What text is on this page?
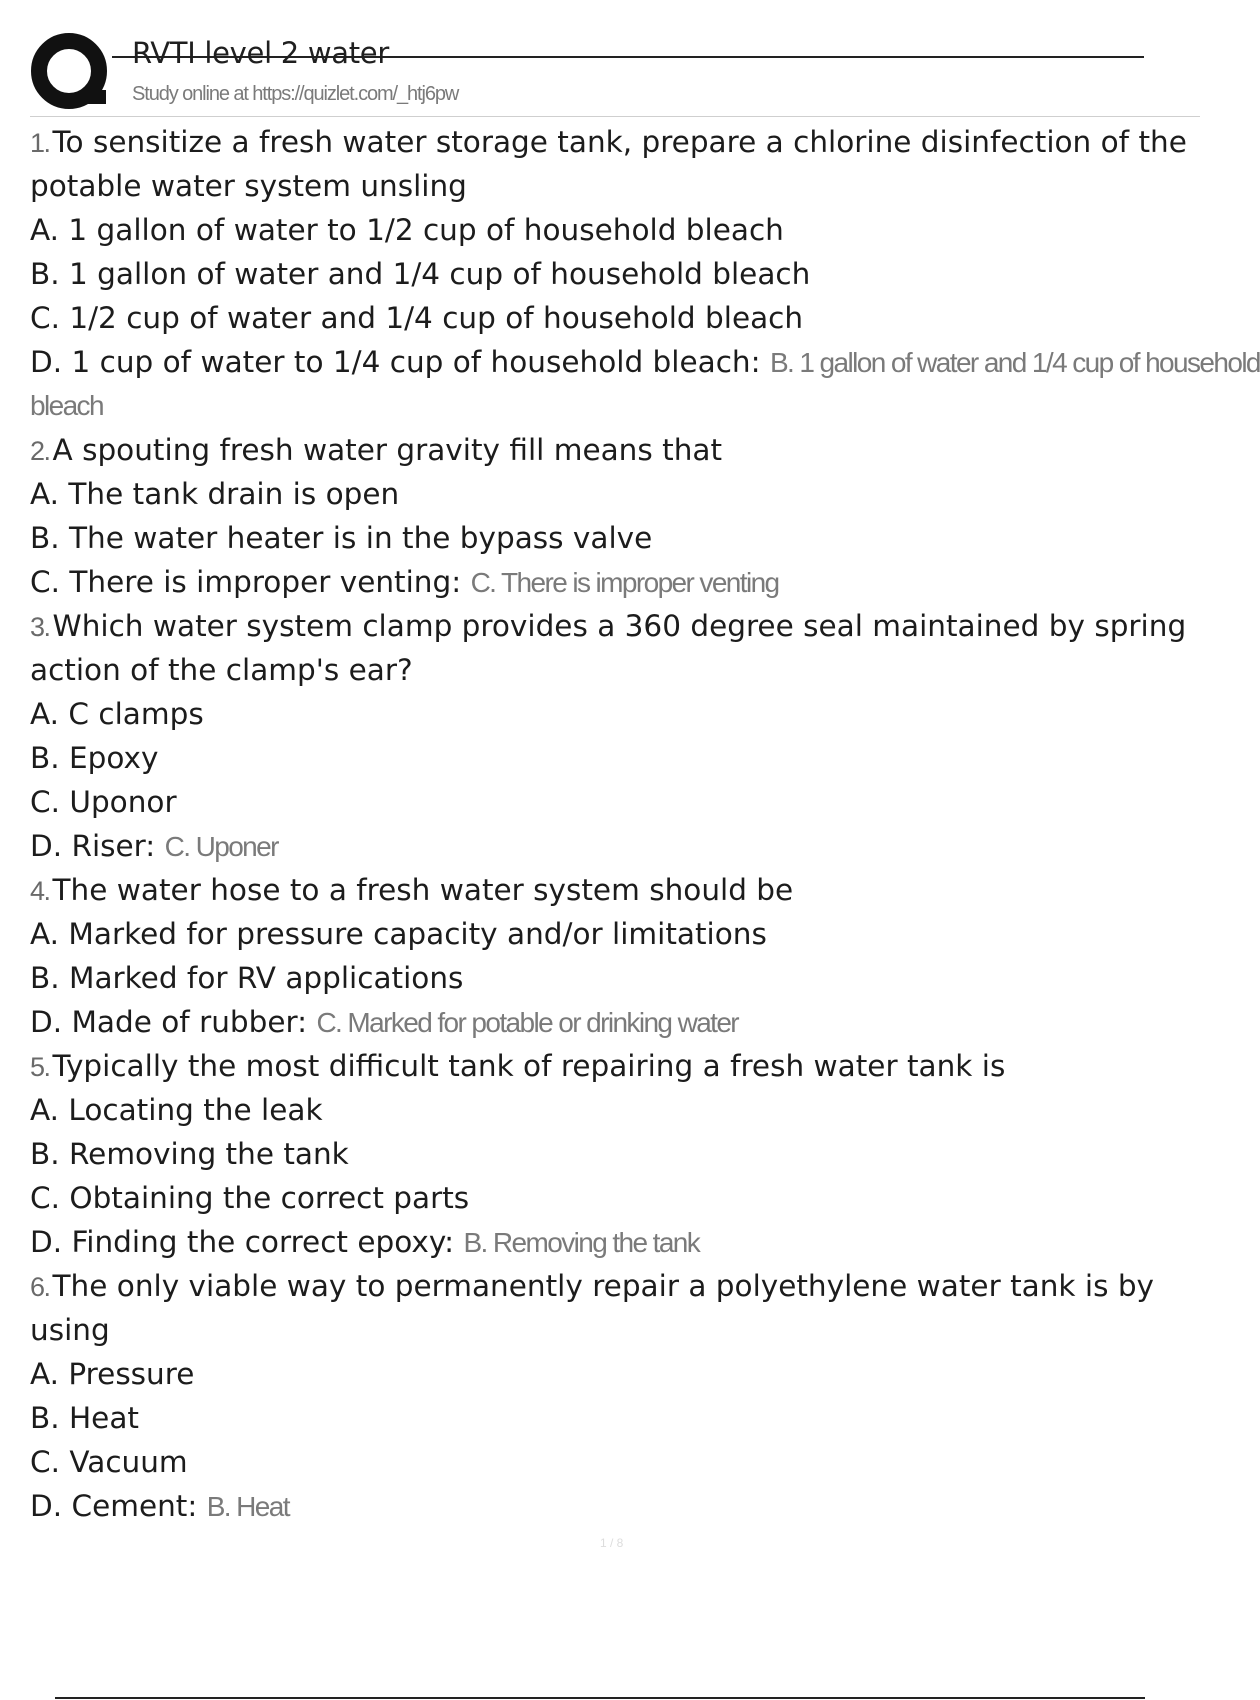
RVTI level 2 water
Study online at https://quizlet.com/_htj6pw
1. To sensitize a fresh water storage tank, prepare a chlorine disinfection of the
potable water system unsling
A. 1 gallon of water to 1/2 cup of household bleach
B. 1 gallon of water and 1/4 cup of household bleach
C. 1/2 cup of water and 1/4 cup of household bleach
D. 1 cup of water to 1/4 cup of household bleach: B. 1 gallon of water and 1/4 cup of household
bleach
2. A spouting fresh water gravity fill means that
A. The tank drain is open
B. The water heater is in the bypass valve
C. There is improper venting: C. There is improper venting
3. Which water system clamp provides a 360 degree seal maintained by spring
action of the clamp's ear?
A. C clamps
B. Epoxy
C. Uponor
D. Riser: C. Uponer
4. The water hose to a fresh water system should be
A. Marked for pressure capacity and/or limitations
B. Marked for RV applications
D. Made of rubber: C. Marked for potable or drinking water
5. Typically the most difficult tank of repairing a fresh water tank is
A. Locating the leak
B. Removing the tank
C. Obtaining the correct parts
D. Finding the correct epoxy: B. Removing the tank
6. The only viable way to permanently repair a polyethylene water tank is by
using
A. Pressure
B. Heat
C. Vacuum
D. Cement: B. Heat
1 / 8
